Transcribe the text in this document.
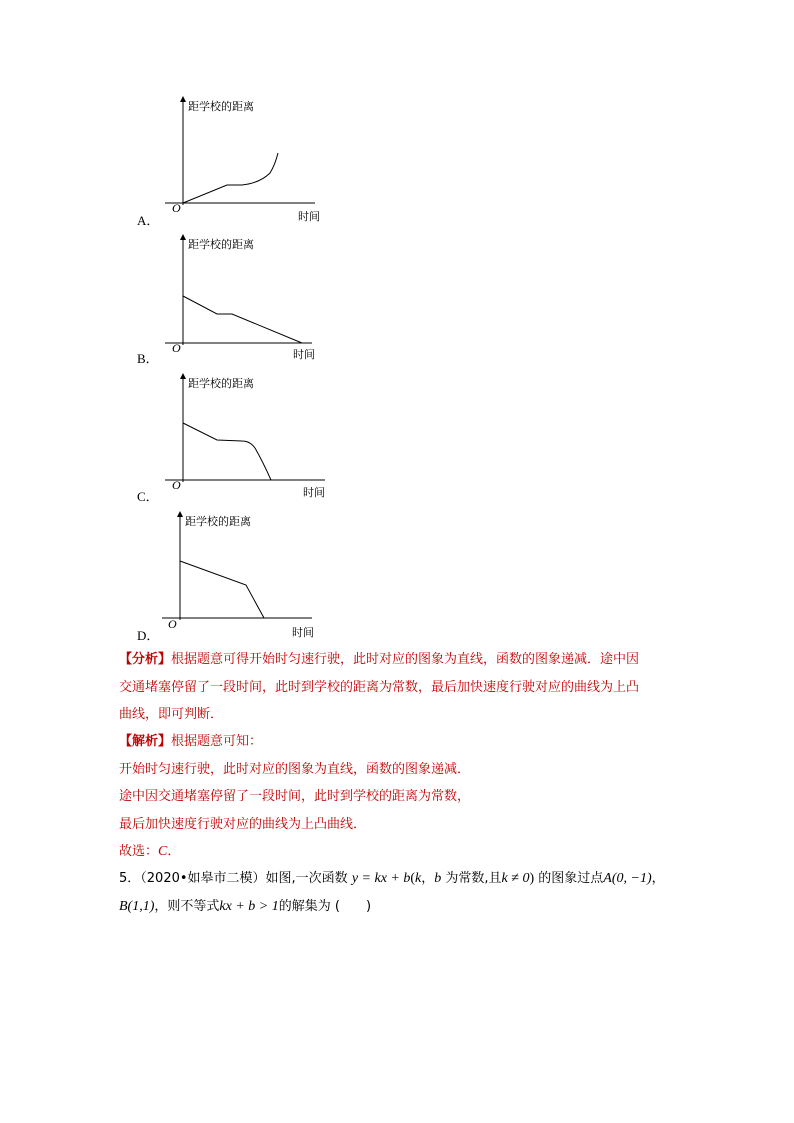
距学校的距离
时间
O
A．
距学校的距离
时间
O
B．
距学校的距离
时间
O
C．
距学校的距离
时间
O
D．
【分析】根据题意可得开始时匀速行驶，此时对应的图象为直线，函数的图象递减．途中因
交通堵塞停留了一段时间，此时到学校的距离为常数，最后加快速度行驶对应的曲线为上凸
曲线，即可判断．
【解析】根据题意可知：
开始时匀速行驶，此时对应的图象为直线，函数的图象递减．
途中因交通堵塞停留了一段时间，此时到学校的距离为常数，
最后加快速度行驶对应的曲线为上凸曲线．
故选：C．
5．（2020•如皋市二模）如图,一次函数 y = kx + b(k，b 为常数,且k ≠ 0) 的图象过点A(0, −1)，
B(1,1)，则不等式kx + b > 1的解集为 (　　)
